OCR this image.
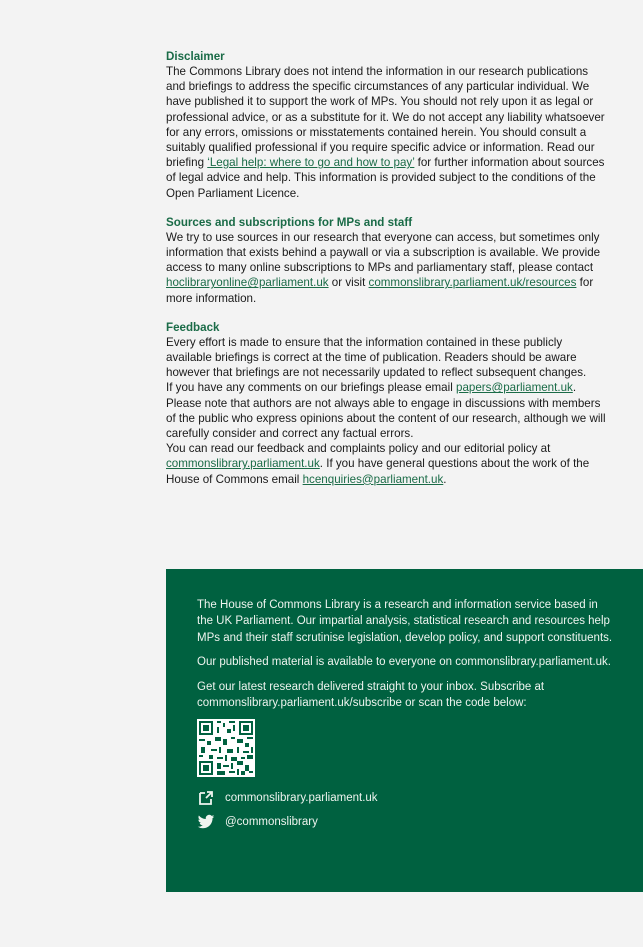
Disclaimer

The Commons Library does not intend the information in our research publications and briefings to address the specific circumstances of any particular individual. We have published it to support the work of MPs. You should not rely upon it as legal or professional advice, or as a substitute for it. We do not accept any liability whatsoever for any errors, omissions or misstatements contained herein. You should consult a suitably qualified professional if you require specific advice or information. Read our briefing ‘Legal help: where to go and how to pay’ for further information about sources of legal advice and help. This information is provided subject to the conditions of the Open Parliament Licence.

Sources and subscriptions for MPs and staff

We try to use sources in our research that everyone can access, but sometimes only information that exists behind a paywall or via a subscription is available. We provide access to many online subscriptions to MPs and parliamentary staff, please contact hoclibraryonline@parliament.uk or visit commonslibrary.parliament.uk/resources for more information.

Feedback

Every effort is made to ensure that the information contained in these publicly available briefings is correct at the time of publication. Readers should be aware however that briefings are not necessarily updated to reflect subsequent changes.

If you have any comments on our briefings please email papers@parliament.uk. Please note that authors are not always able to engage in discussions with members of the public who express opinions about the content of our research, although we will carefully consider and correct any factual errors.

You can read our feedback and complaints policy and our editorial policy at commonslibrary.parliament.uk. If you have general questions about the work of the House of Commons email hcenquiries@parliament.uk.

The House of Commons Library is a research and information service based in the UK Parliament. Our impartial analysis, statistical research and resources help MPs and their staff scrutinise legislation, develop policy, and support constituents.

Our published material is available to everyone on commonslibrary.parliament.uk.

Get our latest research delivered straight to your inbox. Subscribe at commonslibrary.parliament.uk/subscribe or scan the code below:

commonslibrary.parliament.uk
@commonslibrary
